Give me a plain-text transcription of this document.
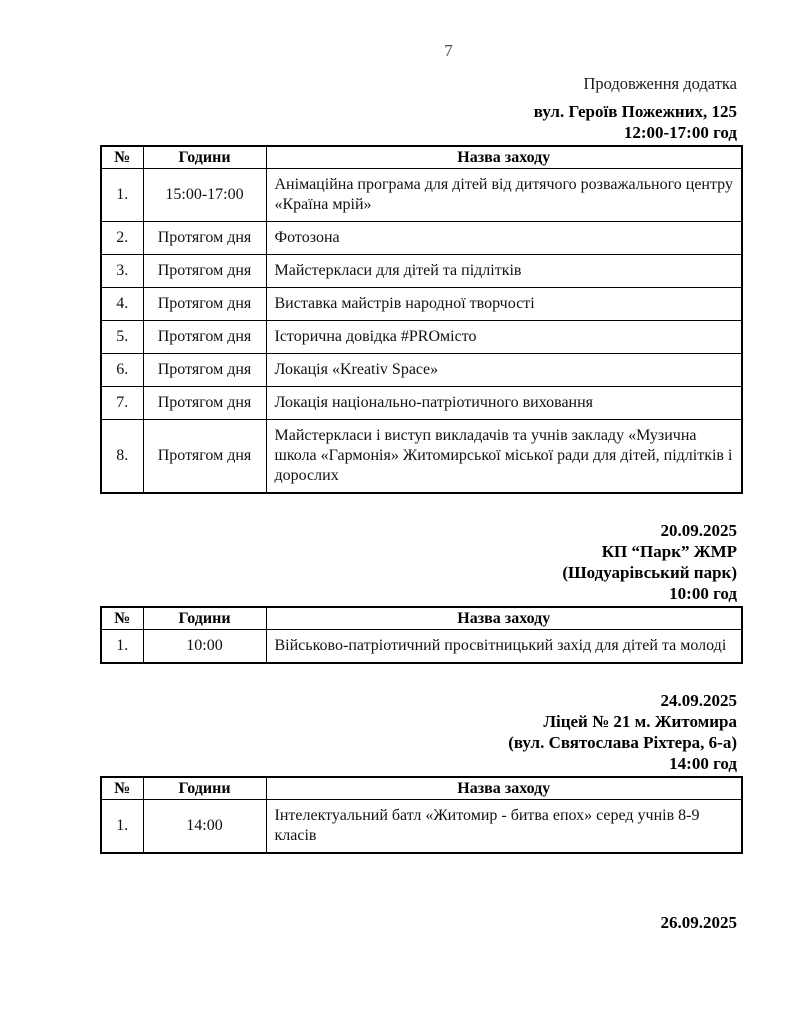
7
Продовження додатка
вул. Героїв Пожежних, 125
12:00-17:00 год
№	Години	Назва заходу
1.	15:00-17:00	Анімаційна програма для дітей від дитячого розважального центру «Країна мрій»
2.	Протягом дня	Фотозона
3.	Протягом дня	Майстеркласи для дітей та підлітків
4.	Протягом дня	Виставка майстрів народної творчості
5.	Протягом дня	Історична довідка #PROмісто
6.	Протягом дня	Локація «Kreativ Space»
7.	Протягом дня	Локація національно-патріотичного виховання
8.	Протягом дня	Майстеркласи і виступ викладачів та учнів закладу «Музична школа «Гармонія» Житомирської міської ради для дітей, підлітків і дорослих
20.09.2025
КП “Парк” ЖМР
(Шодуарівський парк)
10:00 год
№	Години	Назва заходу
1.	10:00	Військово-патріотичний просвітницький захід для дітей та молоді
24.09.2025
Ліцей № 21 м. Житомира
(вул. Святослава Ріхтера, 6-а)
14:00 год
№	Години	Назва заходу
1.	14:00	Інтелектуальний батл «Житомир - битва епох» серед учнів 8-9 класів
26.09.2025
